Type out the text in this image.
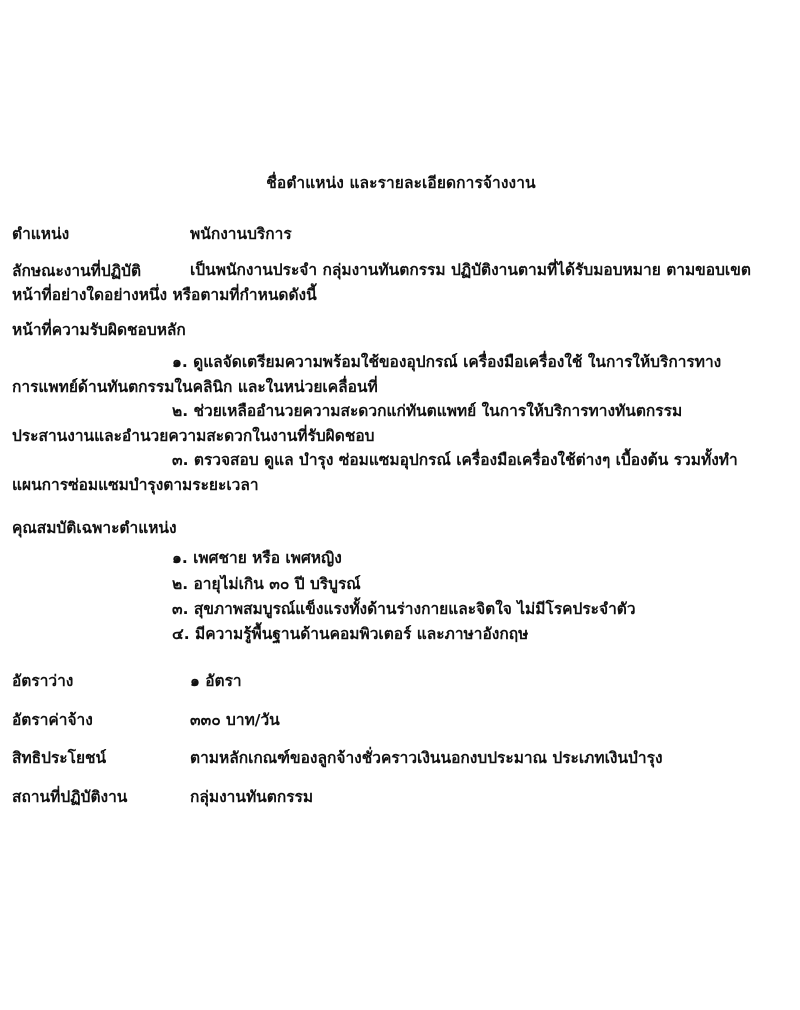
ชื่อตำแหน่ง และรายละเอียดการจ้างงาน
ตำแหน่ง	พนักงานบริการ
ลักษณะงานที่ปฏิบัติ	เป็นพนักงานประจำ กลุ่มงานทันตกรรม ปฏิบัติงานตามที่ได้รับมอบหมาย ตามขอบเขต
หน้าที่อย่างใดอย่างหนึ่ง หรือตามที่กำหนดดังนี้
หน้าที่ความรับผิดชอบหลัก
๑. ดูแลจัดเตรียมความพร้อมใช้ของอุปกรณ์ เครื่องมือเครื่องใช้ ในการให้บริการทาง
การแพทย์ด้านทันตกรรมในคลินิก และในหน่วยเคลื่อนที่
๒. ช่วยเหลืออำนวยความสะดวกแก่ทันตแพทย์ ในการให้บริการทางทันตกรรม
ประสานงานและอำนวยความสะดวกในงานที่รับผิดชอบ
๓. ตรวจสอบ ดูแล บำรุง ซ่อมแซมอุปกรณ์ เครื่องมือเครื่องใช้ต่างๆ เบื้องต้น รวมทั้งทำ
แผนการซ่อมแซมบำรุงตามระยะเวลา
คุณสมบัติเฉพาะตำแหน่ง
๑. เพศชาย หรือ เพศหญิง
๒. อายุไม่เกิน ๓๐ ปี บริบูรณ์
๓. สุขภาพสมบูรณ์แข็งแรงทั้งด้านร่างกายและจิตใจ ไม่มีโรคประจำตัว
๔. มีความรู้พื้นฐานด้านคอมพิวเตอร์ และภาษาอังกฤษ
อัตราว่าง	๑ อัตรา
อัตราค่าจ้าง	๓๓๐ บาท/วัน
สิทธิประโยชน์	ตามหลักเกณฑ์ของลูกจ้างชั่วคราวเงินนอกงบประมาณ ประเภทเงินบำรุง
สถานที่ปฏิบัติงาน	กลุ่มงานทันตกรรม
